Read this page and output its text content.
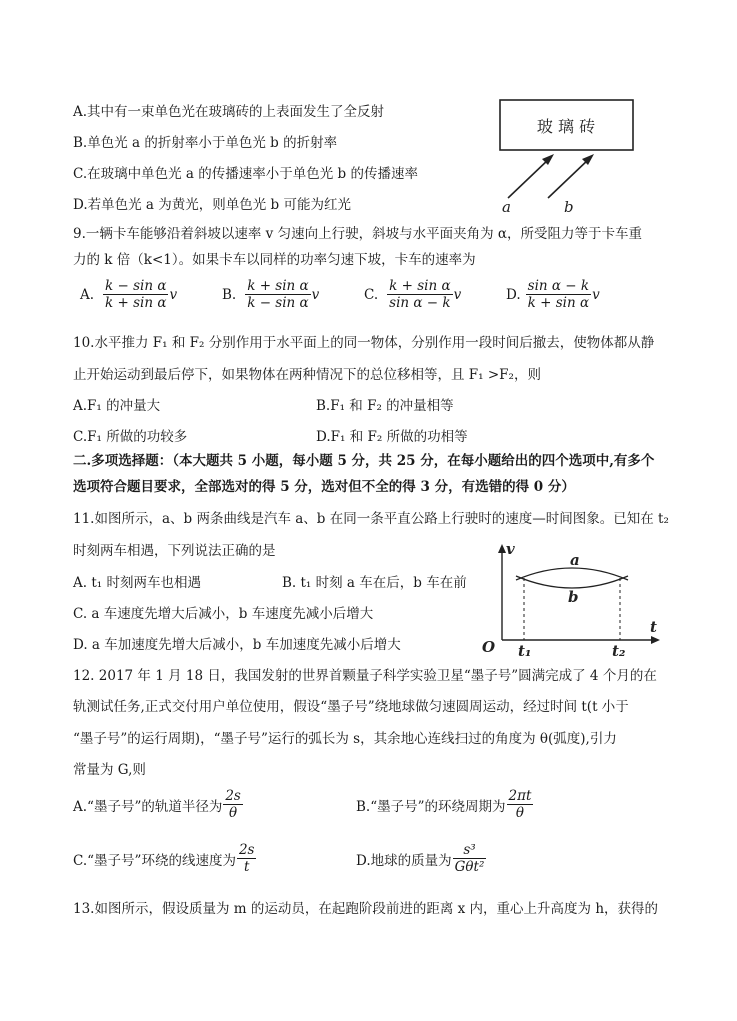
A.其中有一束单色光在玻璃砖的上表面发生了全反射
B.单色光 a 的折射率小于单色光 b 的折射率
C.在玻璃中单色光 a 的传播速率小于单色光 b 的传播速率
D.若单色光 a 为黄光，则单色光 b 可能为红光
玻 璃 砖
a	b
9.一辆卡车能够沿着斜坡以速率 v 匀速向上行驶，斜坡与水平面夹角为 α，所受阻力等于卡车重
力的 k 倍（k<1）。如果卡车以同样的功率匀速下坡，卡车的速率为
A. $\frac{\text{k − sin α}}{\text{k + sin α}}$ v	B. $\frac{\text{k + sin α}}{\text{k − sin α}}$ v	C. $\frac{\text{k + sin α}}{\text{sin α − k}}$ v	D. $\frac{\text{sin α − k}}{\text{k + sin α}}$ v
10.水平推力 F₁ 和 F₂ 分别作用于水平面上的同一物体，分别作用一段时间后撤去，使物体都从静
止开始运动到最后停下，如果物体在两种情况下的总位移相等，且 F₁ >F₂，则
A.F₁ 的冲量大	B.F₁ 和 F₂ 的冲量相等
C.F₁ 所做的功较多	D.F₁ 和 F₂ 所做的功相等
二.多项选择题：（本大题共 5 小题，每小题 5 分，共 25 分，在每小题给出的四个选项中,有多个
选项符合题目要求，全部选对的得 5 分，选对但不全的得 3 分，有选错的得 0 分）
11.如图所示，a、b 两条曲线是汽车 a、b 在同一条平直公路上行驶时的速度—时间图象。已知在 t₂
时刻两车相遇，下列说法正确的是
A. t₁ 时刻两车也相遇	B. t₁ 时刻 a 车在后，b 车在前
C. a 车速度先增大后减小，b 车速度先减小后增大
D. a 车加速度先增大后减小，b 车加速度先减小后增大
v
t
O
a
b
t₁	t₂
12. 2017 年 1 月 18 日，我国发射的世界首颗量子科学实验卫星“墨子号”圆满完成了 4 个月的在
轨测试任务,正式交付用户单位使用，假设“墨子号”绕地球做匀速圆周运动，经过时间 t(t 小于
“墨子号”的运行周期)，“墨子号”运行的弧长为 s，其余地心连线扫过的角度为 θ(弧度),引力
常量为 G,则
A.“墨子号”的轨道半径为 $\frac{2s}{\theta}$	B.“墨子号”的环绕周期为 $\frac{2\pi t}{\theta}$
C.“墨子号”环绕的线速度为 $\frac{2s}{t}$	D.地球的质量为 $\frac{\text{s³}}{\text{Gθt²}}$
13.如图所示，假设质量为 m 的运动员，在起跑阶段前进的距离 x 内，重心上升高度为 h，获得的
